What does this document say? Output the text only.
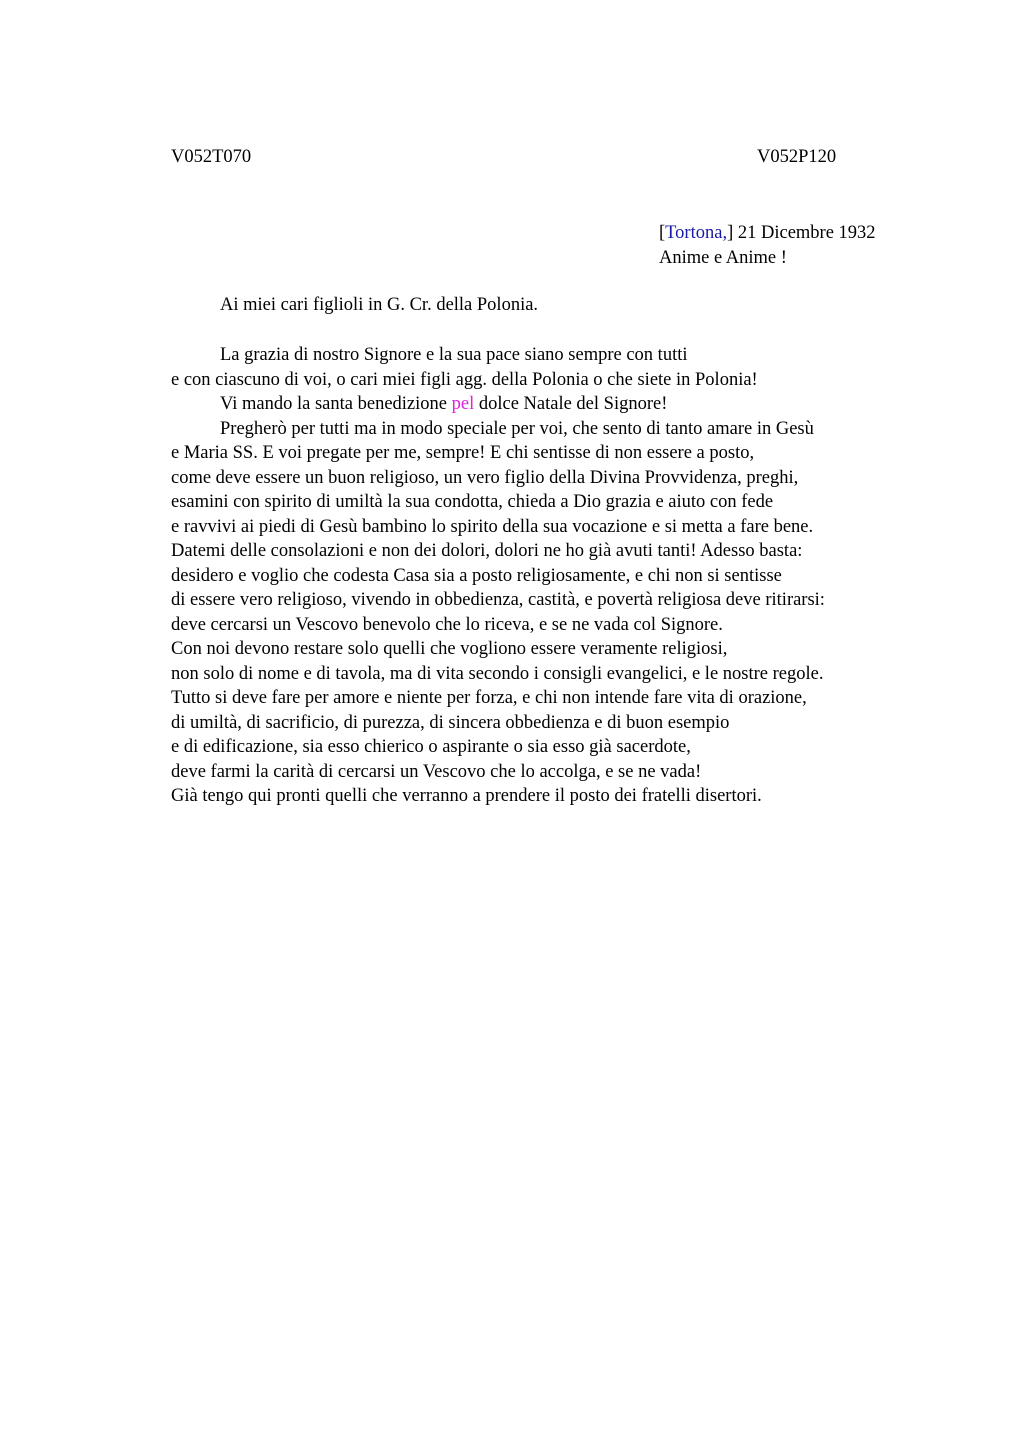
V052T070	V052P120
[Tortona,] 21 Dicembre 1932
Anime e Anime !
Ai miei cari figlioli in G. Cr. della Polonia.
La grazia di nostro Signore e la sua pace siano sempre con tutti
e con ciascuno di voi, o cari miei figli agg. della Polonia o che siete in Polonia!
Vi mando la santa benedizione pel dolce Natale del Signore!
Pregherò per tutti ma in modo speciale per voi, che sento di tanto amare in Gesù
e Maria SS. E voi pregate per me, sempre! E chi sentisse di non essere a posto,
come deve essere un buon religioso, un vero figlio della Divina Provvidenza, preghi,
esamini con spirito di umiltà la sua condotta, chieda a Dio grazia e aiuto con fede
e ravvivi ai piedi di Gesù bambino lo spirito della sua vocazione e si metta a fare bene.
Datemi delle consolazioni e non dei dolori, dolori ne ho già avuti tanti! Adesso basta:
desidero e voglio che codesta Casa sia a posto religiosamente, e chi non si sentisse
di essere vero religioso, vivendo in obbedienza, castità, e povertà religiosa deve ritirarsi:
deve cercarsi un Vescovo benevolo che lo riceva, e se ne vada col Signore.
Con noi devono restare solo quelli che vogliono essere veramente religiosi,
non solo di nome e di tavola, ma di vita secondo i consigli evangelici, e le nostre regole.
Tutto si deve fare per amore e niente per forza, e chi non intende fare vita di orazione,
di umiltà, di sacrificio, di purezza, di sincera obbedienza e di buon esempio
e di edificazione, sia esso chierico o aspirante o sia esso già sacerdote,
deve farmi la carità di cercarsi un Vescovo che lo accolga, e se ne vada!
Già tengo qui pronti quelli che verranno a prendere il posto dei fratelli disertori.
